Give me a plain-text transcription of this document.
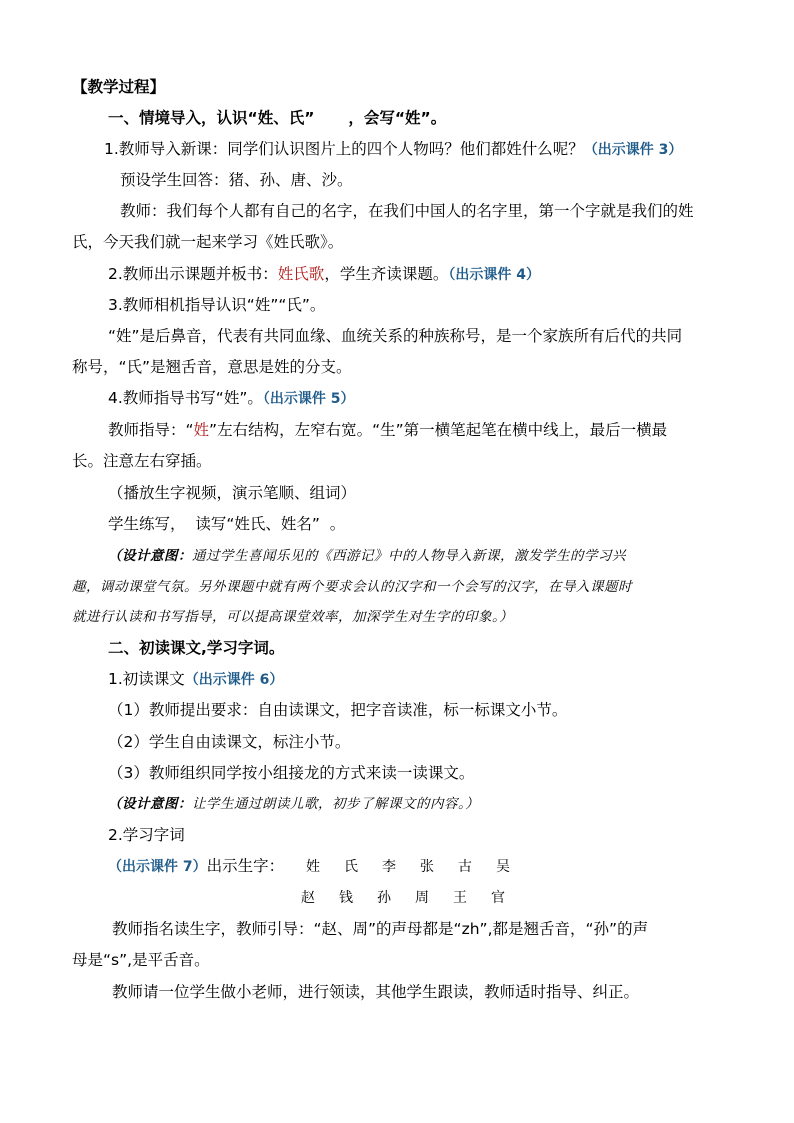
【教学过程】
一、情境导入，认识“姓、氏” ，会写“姓”。
1.教师导入新课：同学们认识图片上的四个人物吗？他们都姓什么呢？（出示课件 3）
预设学生回答：猪、孙、唐、沙。
教师：我们每个人都有自己的名字，在我们中国人的名字里，第一个字就是我们的姓
氏，今天我们就一起来学习《姓氏歌》。
2.教师出示课题并板书：姓氏歌，学生齐读课题。（出示课件 4）
3.教师相机指导认识“姓”“氏”。
“姓”是后鼻音，代表有共同血缘、血统关系的种族称号，是一个家族所有后代的共同
称号，“氏”是翘舌音，意思是姓的分支。
4.教师指导书写“姓”。（出示课件 5）
教师指导：“姓”左右结构，左窄右宽。“生”第一横笔起笔在横中线上，最后一横最
长。注意左右穿插。
（播放生字视频，演示笔顺、组词）
学生练写，  读写“姓氏、姓名”  。
（设计意图：通过学生喜闻乐见的《西游记》中的人物导入新课，激发学生的学习兴
趣，调动课堂气氛。另外课题中就有两个要求会认的汉字和一个会写的汉字，在导入课题时
就进行认读和书写指导，可以提高课堂效率，加深学生对生字的印象。）
二、初读课文,学习字词。
1.初读课文（出示课件 6）
（1）教师提出要求：自由读课文，把字音读准，标一标课文小节。
（2）学生自由读课文，标注小节。
（3）教师组织同学按小组接龙的方式来读一读课文。
（设计意图：让学生通过朗读儿歌，初步了解课文的内容。）
2.学习字词
（出示课件 7）出示生字：	姓 氏 李 张 古 吴
赵 钱 孙 周 王 官
教师指名读生字，教师引导：“赵、周”的声母都是“zh”,都是翘舌音，“孙”的声
母是“s”,是平舌音。
教师请一位学生做小老师，进行领读，其他学生跟读，教师适时指导、纠正。
